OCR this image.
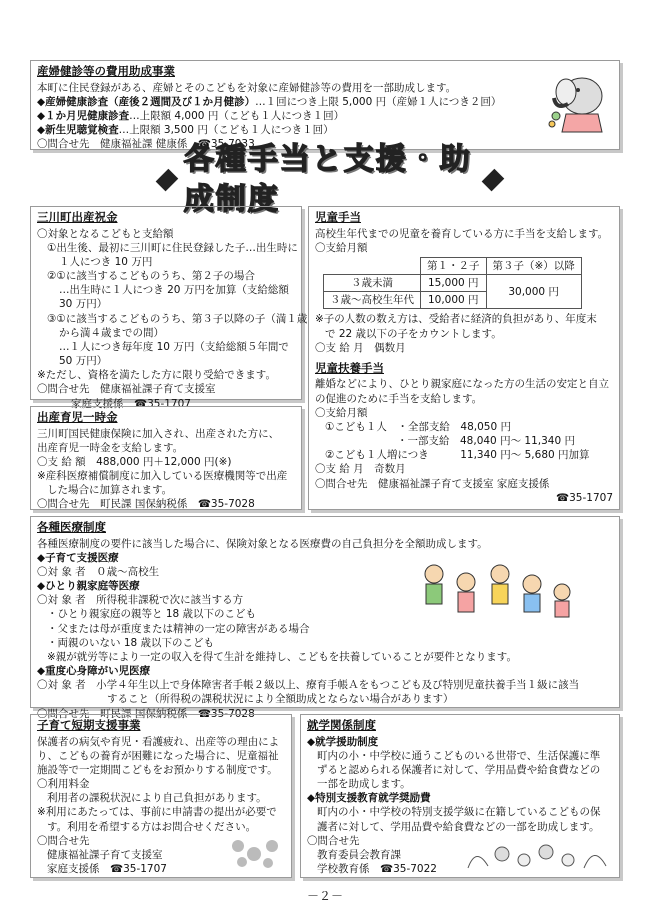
産婦健診等の費用助成事業
本町に住民登録がある、産婦とそのこどもを対象に産婦健診等の費用を一部助成します。
◆産婦健康診査（産後２週間及び１か月健診）…１回につき上限 5,000 円（産婦１人につき２回）
◆１か月児健康診査…上限額 4,000 円（こども１人につき１回）
◆新生児聴覚検査…上限額 3,500 円（こども１人につき１回）
〇問合せ先　健康福祉課 健康係　☎35-7033
各種手当と支援・助成制度
三川町出産祝金
〇対象となるこどもと支給額
①出生後、最初に三川町に住民登録した子…出生時に
１人につき 10 万円
②①に該当するこどものうち、第２子の場合
…出生時に１人につき 20 万円を加算（支給総額
30 万円）
③①に該当するこどものうち、第３子以降の子（満１歳
から満４歳までの間）
…１人につき毎年度 10 万円（支給総額５年間で
50 万円）
※ただし、資格を満たした方に限り受給できます。
〇問合せ先　健康福祉課子育て支援室
家庭支援係　☎35-1707
出産育児一時金
三川町国民健康保険に加入され、出産された方に、
出産育児一時金を支給します。
〇支 給 額　488,000 円＋12,000 円(※)
※産科医療補償制度に加入している医療機関等で出産
した場合に加算されます。
〇問合せ先　町民課 国保納税係　☎35-7028
児童手当
高校生年代までの児童を養育している方に手当を支給します。
〇支給月額
	第１・２子	第３子（※）以降
３歳未満	15,000 円	30,000 円
３歳～高校生年代	10,000 円	
※子の人数の数え方は、受給者に経済的負担があり、年度末
で 22 歳以下の子をカウントします。
〇支 給 月　偶数月
児童扶養手当
離婚などにより、ひとり親家庭になった方の生活の安定と自立
の促進のために手当を支給します。
〇支給月額
①こども１人　・全部支給　48,050 円
・一部支給　48,040 円～ 11,340 円
②こども１人増につき　　　11,340 円～ 5,680 円加算
〇支 給 月　奇数月
〇問合せ先　健康福祉課子育て支援室 家庭支援係
☎35-1707
各種医療制度
各種医療制度の要件に該当した場合に、保険対象となる医療費の自己負担分を全額助成します。
◆子育て支援医療
〇対 象 者　０歳～高校生
◆ひとり親家庭等医療
〇対 象 者　所得税非課税で次に該当する方
・ひとり親家庭の親等と 18 歳以下のこども
・父または母が重度または精神の一定の障害がある場合
・両親のいない 18 歳以下のこども
※親が就労等により一定の収入を得て生計を維持し、こどもを扶養していることが要件となります。
◆重度心身障がい児医療
〇対 象 者　小学４年生以上で身体障害者手帳２級以上、療育手帳Ａをもつこども及び特別児童扶養手当１級に該当
すること（所得税の課税状況により全額助成とならない場合があります）
〇問合せ先　町民課 国保納税係　☎35-7028
子育て短期支援事業
保護者の病気や育児・看護疲れ、出産等の理由によ
り、こどもの養育が困難になった場合に、児童福祉
施設等で一定期間こどもをお預かりする制度です。
〇利用料金
利用者の課税状況により自己負担があります。
※利用にあたっては、事前に申請書の提出が必要で
す。利用を希望する方はお問合せください。
〇問合せ先
健康福祉課子育て支援室
家庭支援係　☎35-1707
就学関係制度
◆就学援助制度
町内の小・中学校に通うこどものいる世帯で、生活保護に準
ずると認められる保護者に対して、学用品費や給食費などの
一部を助成します。
◆特別支援教育就学奨励費
町内の小・中学校の特別支援学級に在籍しているこどもの保
護者に対して、学用品費や給食費などの一部を助成します。
〇問合せ先
教育委員会教育課
学校教育係　☎35-7022
－２－
